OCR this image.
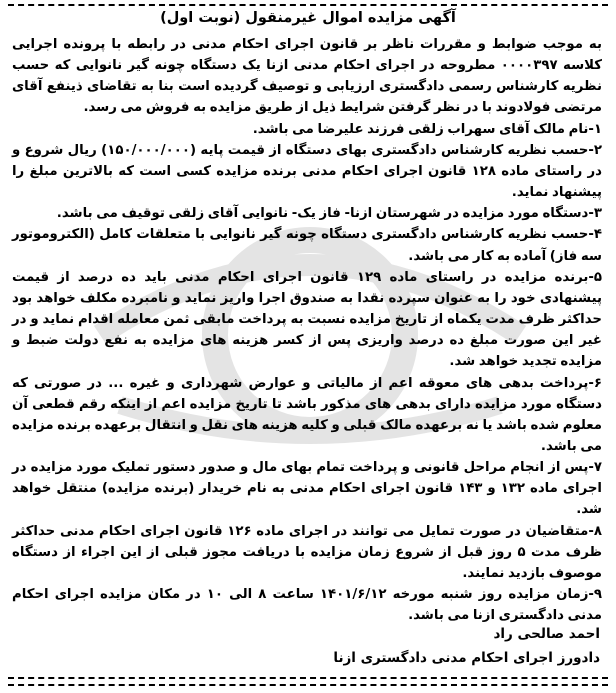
آگهی مزایده اموال غیرمنقول (نوبت اول)

به موجب ضوابط و مقررات ناظر بر قانون اجرای احکام مدنی در رابطه با پرونده اجرایی کلاسه ۰۰۰۰۳۹۷ مطروحه در اجرای احکام مدنی ازنا یک دستگاه چونه گیر نانوایی که حسب نظریه کارشناس رسمی دادگستری ارزیابی و توصیف گردیده است بنا به تقاضای ذینفع آقای مرتضی فولادوند با در نظر گرفتن شرایط ذیل از طریق مزایده به فروش می رسد.

۱-نام مالک آقای سهراب زلقی فرزند علیرضا می باشد.

۲-حسب نظریه کارشناس دادگستری بهای دستگاه از قیمت پایه (۱۵۰/۰۰۰/۰۰۰) ریال شروع و در راستای ماده ۱۲۸ قانون اجرای احکام مدنی برنده مزایده کسی است که بالاترین مبلغ را پیشنهاد نماید.

۳-دستگاه مورد مزایده در شهرستان ازنا- فاز یک- نانوایی آقای زلقی توقیف می باشد.

۴-حسب نظریه کارشناس دادگستری دستگاه چونه گیر نانوایی با متعلقات کامل (الکتروموتور سه فاز) آماده به کار می باشد.

۵-برنده مزایده در راستای ماده ۱۲۹ قانون اجرای احکام مدنی باید ده درصد از قیمت پیشنهادی خود را به عنوان سپرده نقدا به صندوق اجرا واریز نماید و نامبرده مکلف خواهد بود حداکثر ظرف مدت یکماه از تاریخ مزایده نسبت به پرداخت مابقی ثمن معامله اقدام نماید و در غیر این صورت مبلغ ده درصد واریزی پس از کسر هزینه های مزایده به نفع دولت ضبط و مزایده تجدید خواهد شد.

۶-پرداخت بدهی های معوقه اعم از مالیاتی و عوارض شهرداری و غیره ... در صورتی که دستگاه مورد مزایده دارای بدهی های مذکور باشد تا تاریخ مزایده اعم از اینکه رقم قطعی آن معلوم شده باشد یا نه برعهده مالک قبلی و کلیه هزینه های نقل و انتقال برعهده برنده مزایده می باشد.

۷-پس از انجام مراحل قانونی و پرداخت تمام بهای مال و صدور دستور تملیک مورد مزایده در اجرای ماده ۱۳۲ و ۱۴۳ قانون اجرای احکام مدنی به نام خریدار (برنده مزایده) منتقل خواهد شد.

۸-متقاضیان در صورت تمایل می توانند در اجرای ماده ۱۲۶ قانون اجرای احکام مدنی حداکثر ظرف مدت ۵ روز قبل از شروع زمان مزایده با دریافت مجوز قبلی از این اجراء از دستگاه موصوف بازدید نمایند.

۹-زمان مزایده روز شنبه مورخه ۱۴۰۱/۶/۱۲ ساعت ۸ الی ۱۰ در مکان مزایده اجرای احکام مدنی دادگستری ازنا می باشد.

احمد صالحی راد
دادورز اجرای احکام مدنی دادگستری ازنا
